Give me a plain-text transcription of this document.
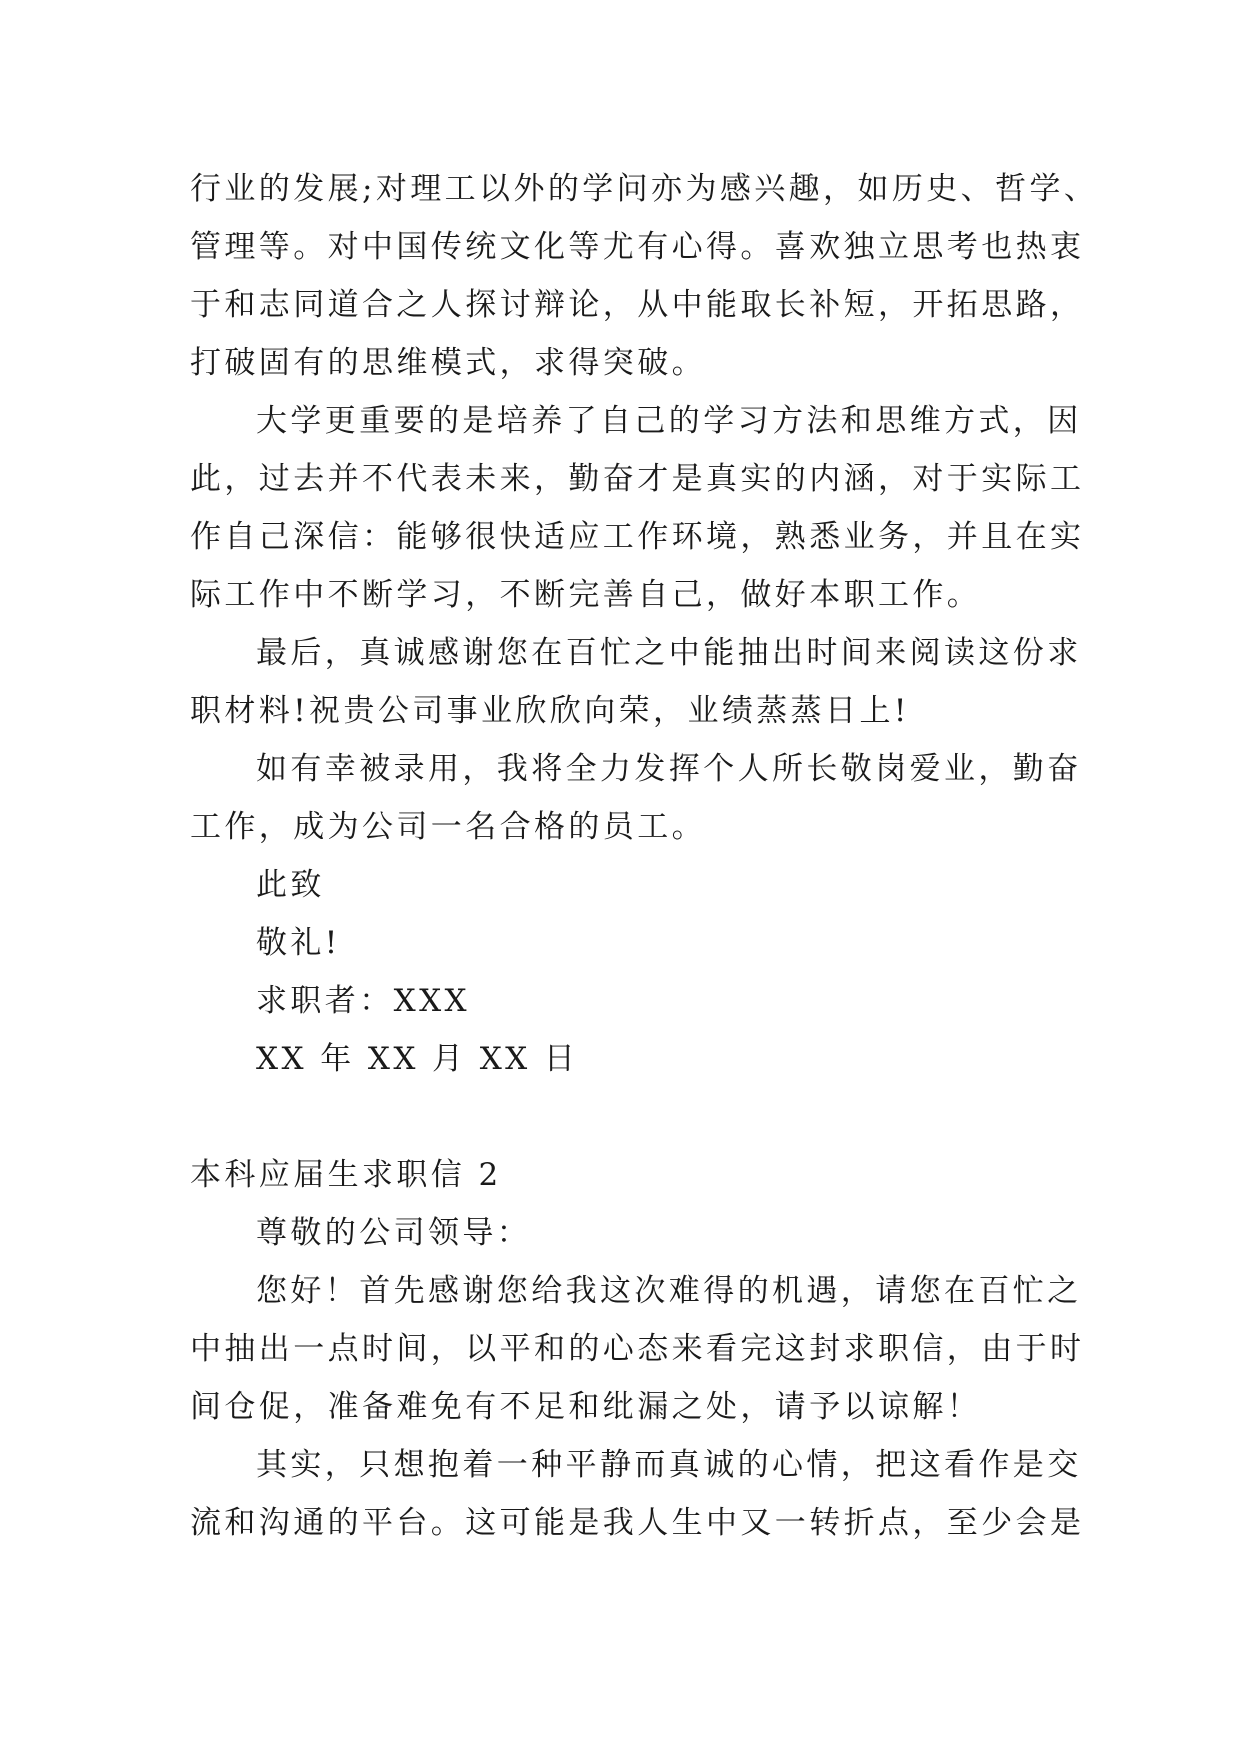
行业的发展;对理工以外的学问亦为感兴趣，如历史、哲学、
管理等。对中国传统文化等尤有心得。喜欢独立思考也热衷
于和志同道合之人探讨辩论，从中能取长补短，开拓思路，
打破固有的思维模式，求得突破。
大学更重要的是培养了自己的学习方法和思维方式，因
此，过去并不代表未来，勤奋才是真实的内涵，对于实际工
作自己深信：能够很快适应工作环境，熟悉业务，并且在实
际工作中不断学习，不断完善自己，做好本职工作。
最后，真诚感谢您在百忙之中能抽出时间来阅读这份求
职材料!祝贵公司事业欣欣向荣，业绩蒸蒸日上!
如有幸被录用，我将全力发挥个人所长敬岗爱业，勤奋
工作，成为公司一名合格的员工。
此致
敬礼!
求职者：XXX
XX 年 XX 月 XX 日
本科应届生求职信 2
尊敬的公司领导：
您好！首先感谢您给我这次难得的机遇，请您在百忙之
中抽出一点时间，以平和的心态来看完这封求职信，由于时
间仓促，准备难免有不足和纰漏之处，请予以谅解！
其实，只想抱着一种平静而真诚的心情，把这看作是交
流和沟通的平台。这可能是我人生中又一转折点，至少会是
